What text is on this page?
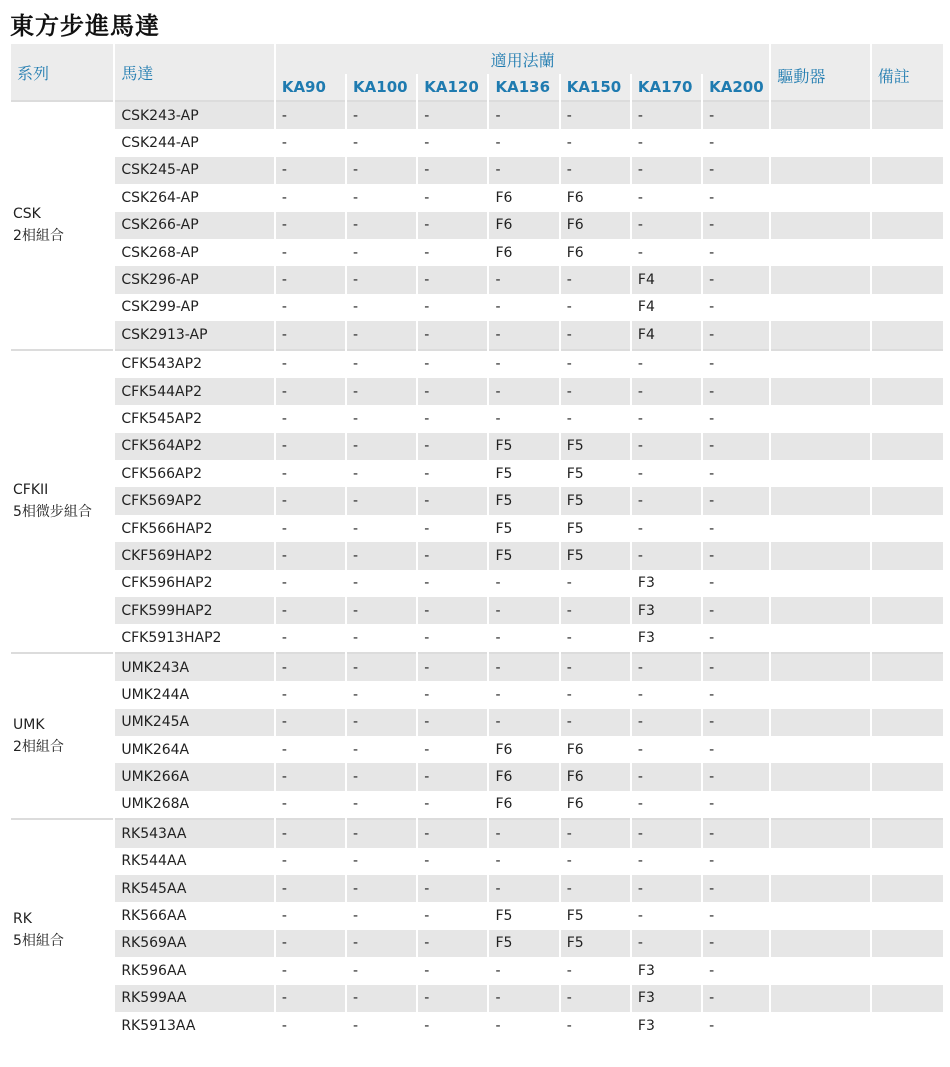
東方步進馬達
系列	馬達	適用法蘭							驅動器	備註
		KA90	KA100	KA120	KA136	KA150	KA170	KA200		

CSK
2相組合	CSK243-AP	-	-	-	-	-	-	-		
	CSK244-AP	-	-	-	-	-	-	-		
	CSK245-AP	-	-	-	-	-	-	-		
	CSK264-AP	-	-	-	F6	F6	-	-		
	CSK266-AP	-	-	-	F6	F6	-	-		
	CSK268-AP	-	-	-	F6	F6	-	-		
	CSK296-AP	-	-	-	-	-	F4	-		
	CSK299-AP	-	-	-	-	-	F4	-		
	CSK2913-AP	-	-	-	-	-	F4	-		

CFKII
5相微步組合	CFK543AP2	-	-	-	-	-	-	-		
	CFK544AP2	-	-	-	-	-	-	-		
	CFK545AP2	-	-	-	-	-	-	-		
	CFK564AP2	-	-	-	F5	F5	-	-		
	CFK566AP2	-	-	-	F5	F5	-	-		
	CFK569AP2	-	-	-	F5	F5	-	-		
	CFK566HAP2	-	-	-	F5	F5	-	-		
	CKF569HAP2	-	-	-	F5	F5	-	-		
	CFK596HAP2	-	-	-	-	-	F3	-		
	CFK599HAP2	-	-	-	-	-	F3	-		
	CFK5913HAP2	-	-	-	-	-	F3	-		

UMK
2相組合	UMK243A	-	-	-	-	-	-	-		
	UMK244A	-	-	-	-	-	-	-		
	UMK245A	-	-	-	-	-	-	-		
	UMK264A	-	-	-	F6	F6	-	-		
	UMK266A	-	-	-	F6	F6	-	-		
	UMK268A	-	-	-	F6	F6	-	-		

RK
5相組合	RK543AA	-	-	-	-	-	-	-		
	RK544AA	-	-	-	-	-	-	-		
	RK545AA	-	-	-	-	-	-	-		
	RK566AA	-	-	-	F5	F5	-	-		
	RK569AA	-	-	-	F5	F5	-	-		
	RK596AA	-	-	-	-	-	F3	-		
	RK599AA	-	-	-	-	-	F3	-		
	RK5913AA	-	-	-	-	-	F3	-		
